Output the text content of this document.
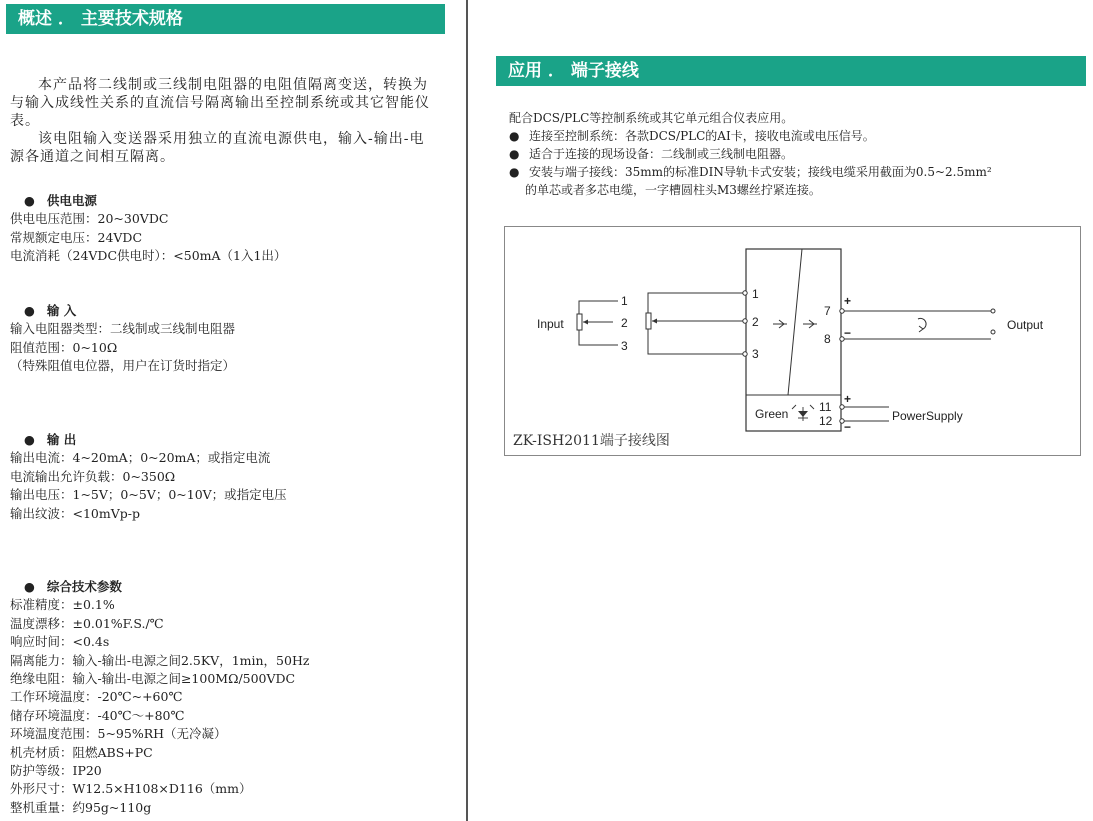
概述 ． 主要技术规格

本产品将二线制或三线制电阻器的电阻值隔离变送，转换为与输入成线性关系的直流信号隔离输出至控制系统或其它智能仪表。

该电阻输入变送器采用独立的直流电源供电，输入-输出-电源各通道之间相互隔离。

● 供电电源
供电电压范围：20~30VDC
常规额定电压：24VDC
电流消耗（24VDC供电时）：<50mA（1入1出）
● 输 入
输入电阻器类型：二线制或三线制电阻器
阻值范围：0~10Ω
（特殊阻值电位器，用户在订货时指定）
● 输 出
输出电流：4~20mA；0~20mA；或指定电流
电流输出允许负载：0~350Ω
输出电压：1~5V；0~5V；0~10V；或指定电压
输出纹波：<10mVp-p
● 综合技术参数
标准精度：±0.1%
温度漂移：±0.01%F.S./℃
响应时间：<0.4s
隔离能力：输入-输出-电源之间2.5KV，1min，50Hz
绝缘电阻：输入-输出-电源之间≥100MΩ/500VDC
工作环境温度：-20℃~+60℃
储存环境温度：-40℃～+80℃
环境温度范围：5~95%RH（无冷凝）
机壳材质：阻燃ABS+PC
防护等级：IP20
外形尺寸：W12.5×H108×D116（mm）
整机重量：约95g~110g
应用 ． 端子接线
配合DCS/PLC等控制系统或其它单元组合仪表应用。
● 连接至控制系统：各款DCS/PLC的AI卡，接收电流或电压信号。
● 适合于连接的现场设备：二线制或三线制电阻器。
● 安装与端子接线：35mm的标准DIN导轨卡式安装；接线电缆采用截面为0.5~2.5mm²
的单芯或者多芯电缆，一字槽圆柱头M3螺丝拧紧连接。
Input
1
2
3
1
2
3
7
8
+
−
Output
11
12
+
−
PowerSupply
Green
ZK-ISH2011端子接线图
